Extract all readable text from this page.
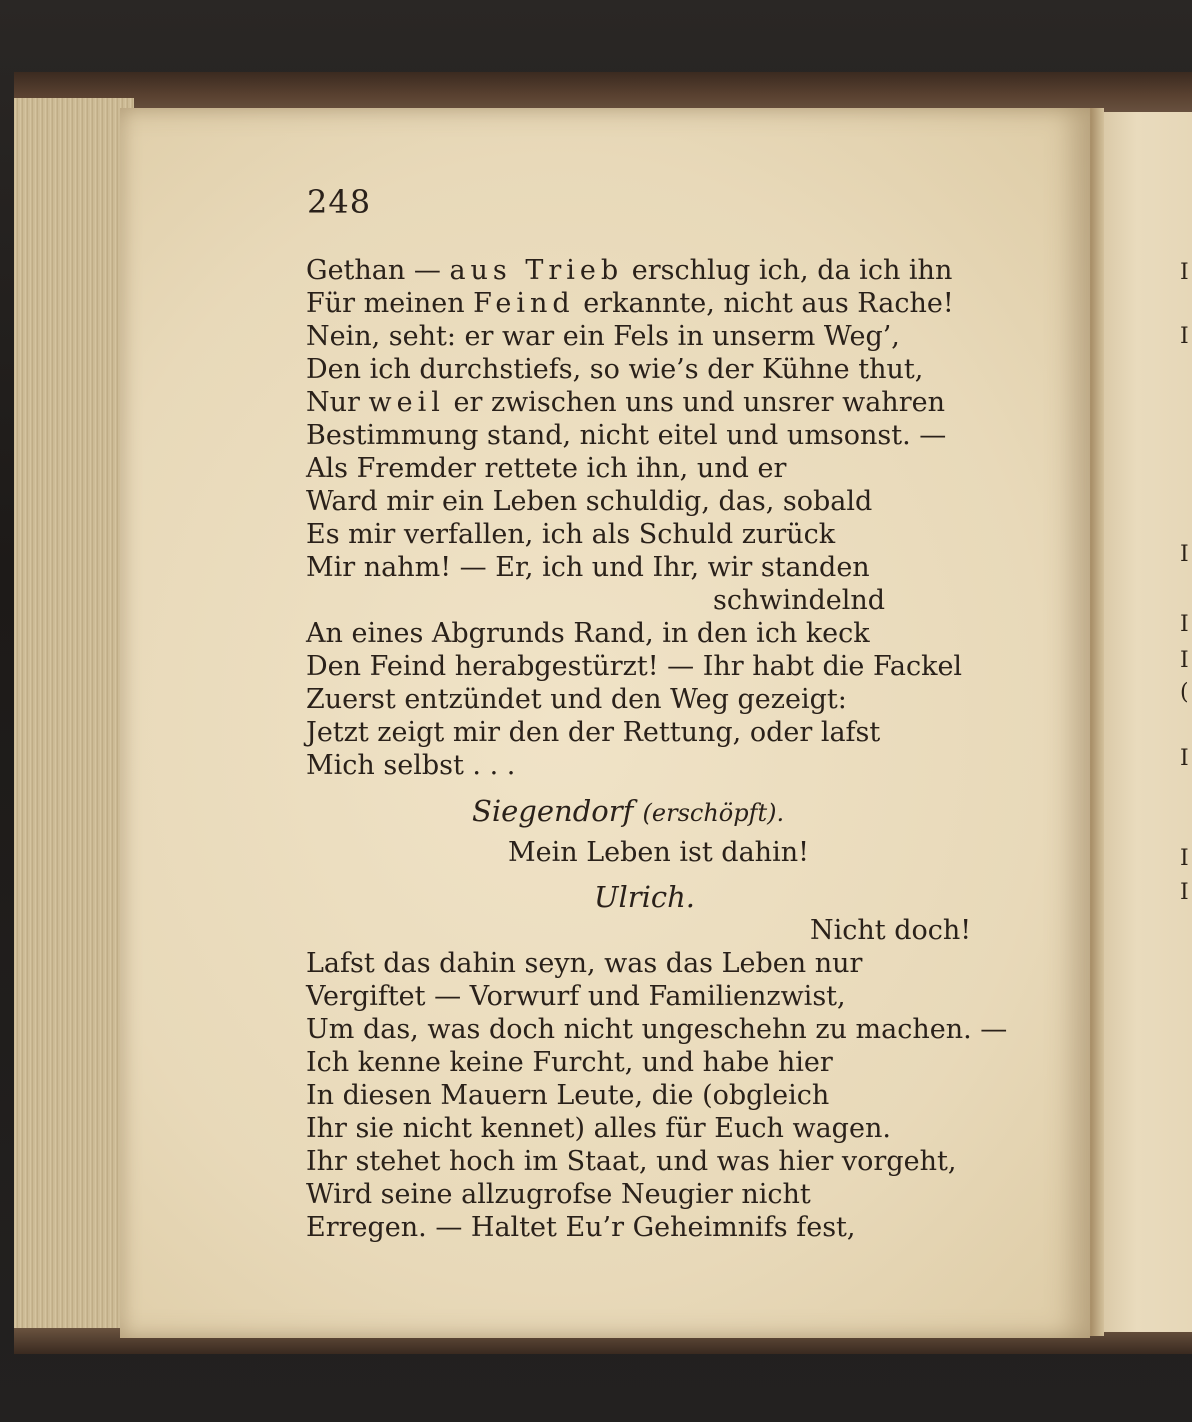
I
I
I
I
I
(
I
I
I
248
Gethan — aus Trieb erschlug ich, da ich ihn
Für meinen Feind erkannte, nicht aus Rache!
Nein, seht: er war ein Fels in unserm Weg’,
Den ich durchstiefs, so wie’s der Kühne thut,
Nur weil er zwischen uns und unsrer wahren
Bestimmung stand, nicht eitel und umsonst. —
Als Fremder rettete ich ihn, und er
Ward mir ein Leben schuldig, das, sobald
Es mir verfallen, ich als Schuld zurück
Mir nahm! — Er, ich und Ihr, wir standen
schwindelnd
An eines Abgrunds Rand, in den ich keck
Den Feind herabgestürzt! — Ihr habt die Fackel
Zuerst entzündet und den Weg gezeigt:
Jetzt zeigt mir den der Rettung, oder lafst
Mich selbst . . .
Siegendorf (erschöpft).
Mein Leben ist dahin!
Ulrich.
Nicht doch!
Lafst das dahin seyn, was das Leben nur
Vergiftet — Vorwurf und Familienzwist,
Um das, was doch nicht ungeschehn zu machen. —
Ich kenne keine Furcht, und habe hier
In diesen Mauern Leute, die (obgleich
Ihr sie nicht kennet) alles für Euch wagen.
Ihr stehet hoch im Staat, und was hier vorgeht,
Wird seine allzugrofse Neugier nicht
Erregen. — Haltet Eu’r Geheimnifs fest,
